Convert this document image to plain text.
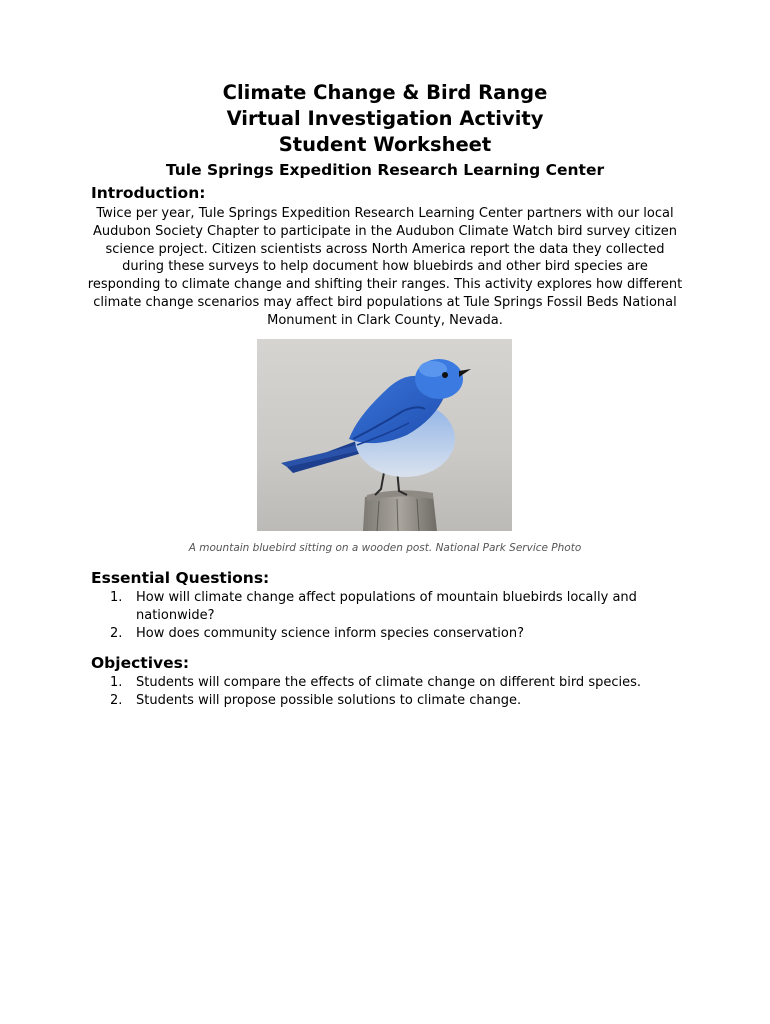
Climate Change & Bird Range
Virtual Investigation Activity
Student Worksheet
Tule Springs Expedition Research Learning Center
Introduction:

Twice per year, Tule Springs Expedition Research Learning Center partners with our local Audubon Society Chapter to participate in the Audubon Climate Watch bird survey citizen science project. Citizen scientists across North America report the data they collected during these surveys to help document how bluebirds and other bird species are responding to climate change and shifting their ranges. This activity explores how different climate change scenarios may affect bird populations at Tule Springs Fossil Beds National Monument in Clark County, Nevada.

A mountain bluebird sitting on a wooden post. National Park Service Photo
Essential Questions:
1. How will climate change affect populations of mountain bluebirds locally and nationwide?
2. How does community science inform species conservation?
Objectives:
1. Students will compare the effects of climate change on different bird species.
2. Students will propose possible solutions to climate change.
